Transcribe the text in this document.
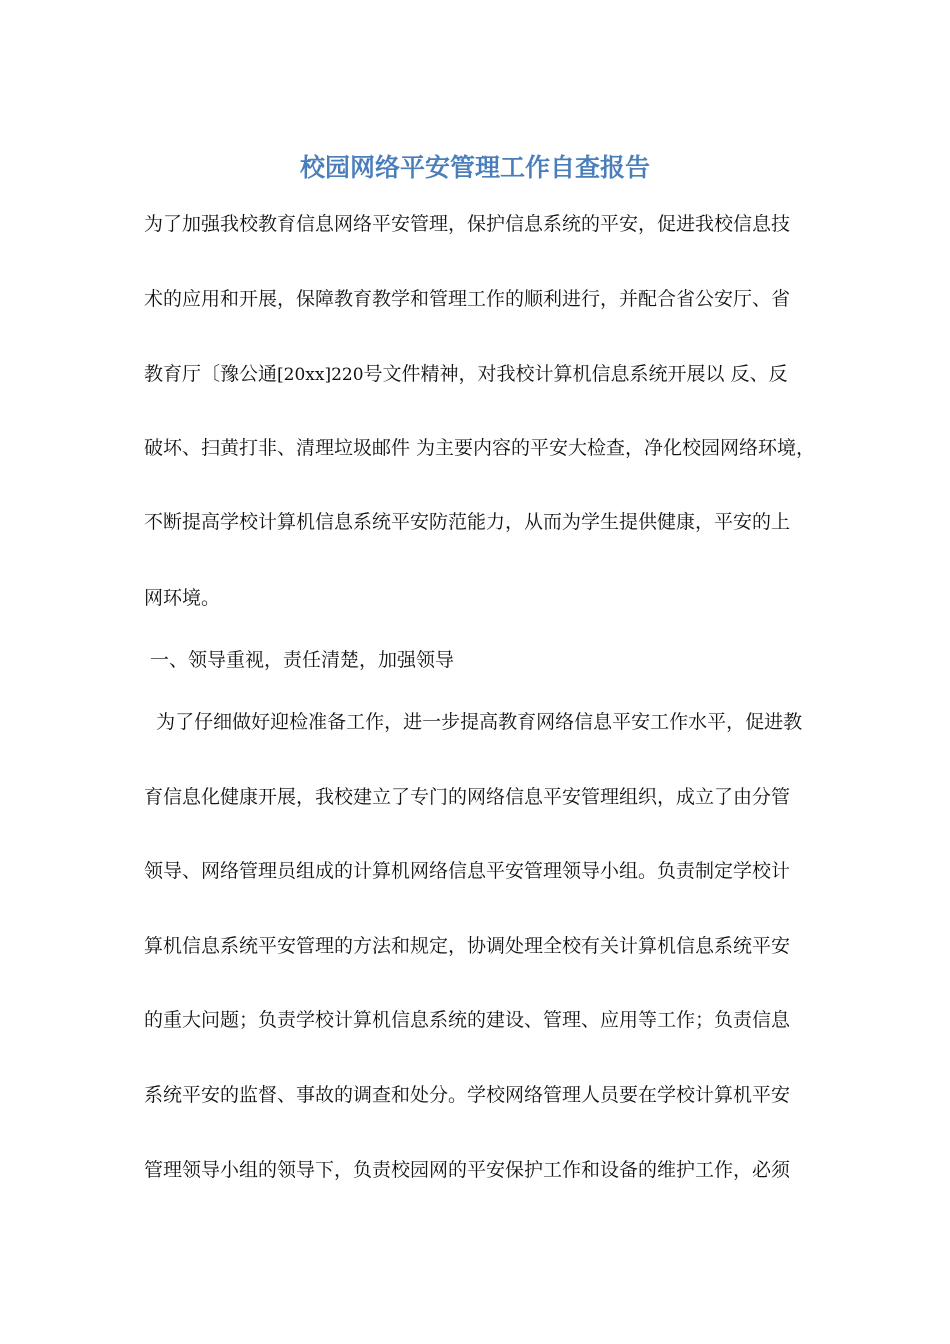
校园网络平安管理工作自查报告

为了加强我校教育信息网络平安管理，保护信息系统的平安，促进我校信息技

术的应用和开展，保障教育教学和管理工作的顺利进行，并配合省公安厅、省

教育厅〔豫公通[20xx]220号文件精神，对我校计算机信息系统开展以 反、反

破坏、扫黄打非、清理垃圾邮件 为主要内容的平安大检查，净化校园网络环境，

不断提高学校计算机信息系统平安防范能力，从而为学生提供健康，平安的上

网环境。

一、领导重视，责任清楚，加强领导

为了仔细做好迎检准备工作，进一步提高教育网络信息平安工作水平，促进教

育信息化健康开展，我校建立了专门的网络信息平安管理组织，成立了由分管

领导、网络管理员组成的计算机网络信息平安管理领导小组。负责制定学校计

算机信息系统平安管理的方法和规定，协调处理全校有关计算机信息系统平安

的重大问题；负责学校计算机信息系统的建设、管理、应用等工作；负责信息

系统平安的监督、事故的调查和处分。学校网络管理人员要在学校计算机平安

管理领导小组的领导下，负责校园网的平安保护工作和设备的维护工作，必须
